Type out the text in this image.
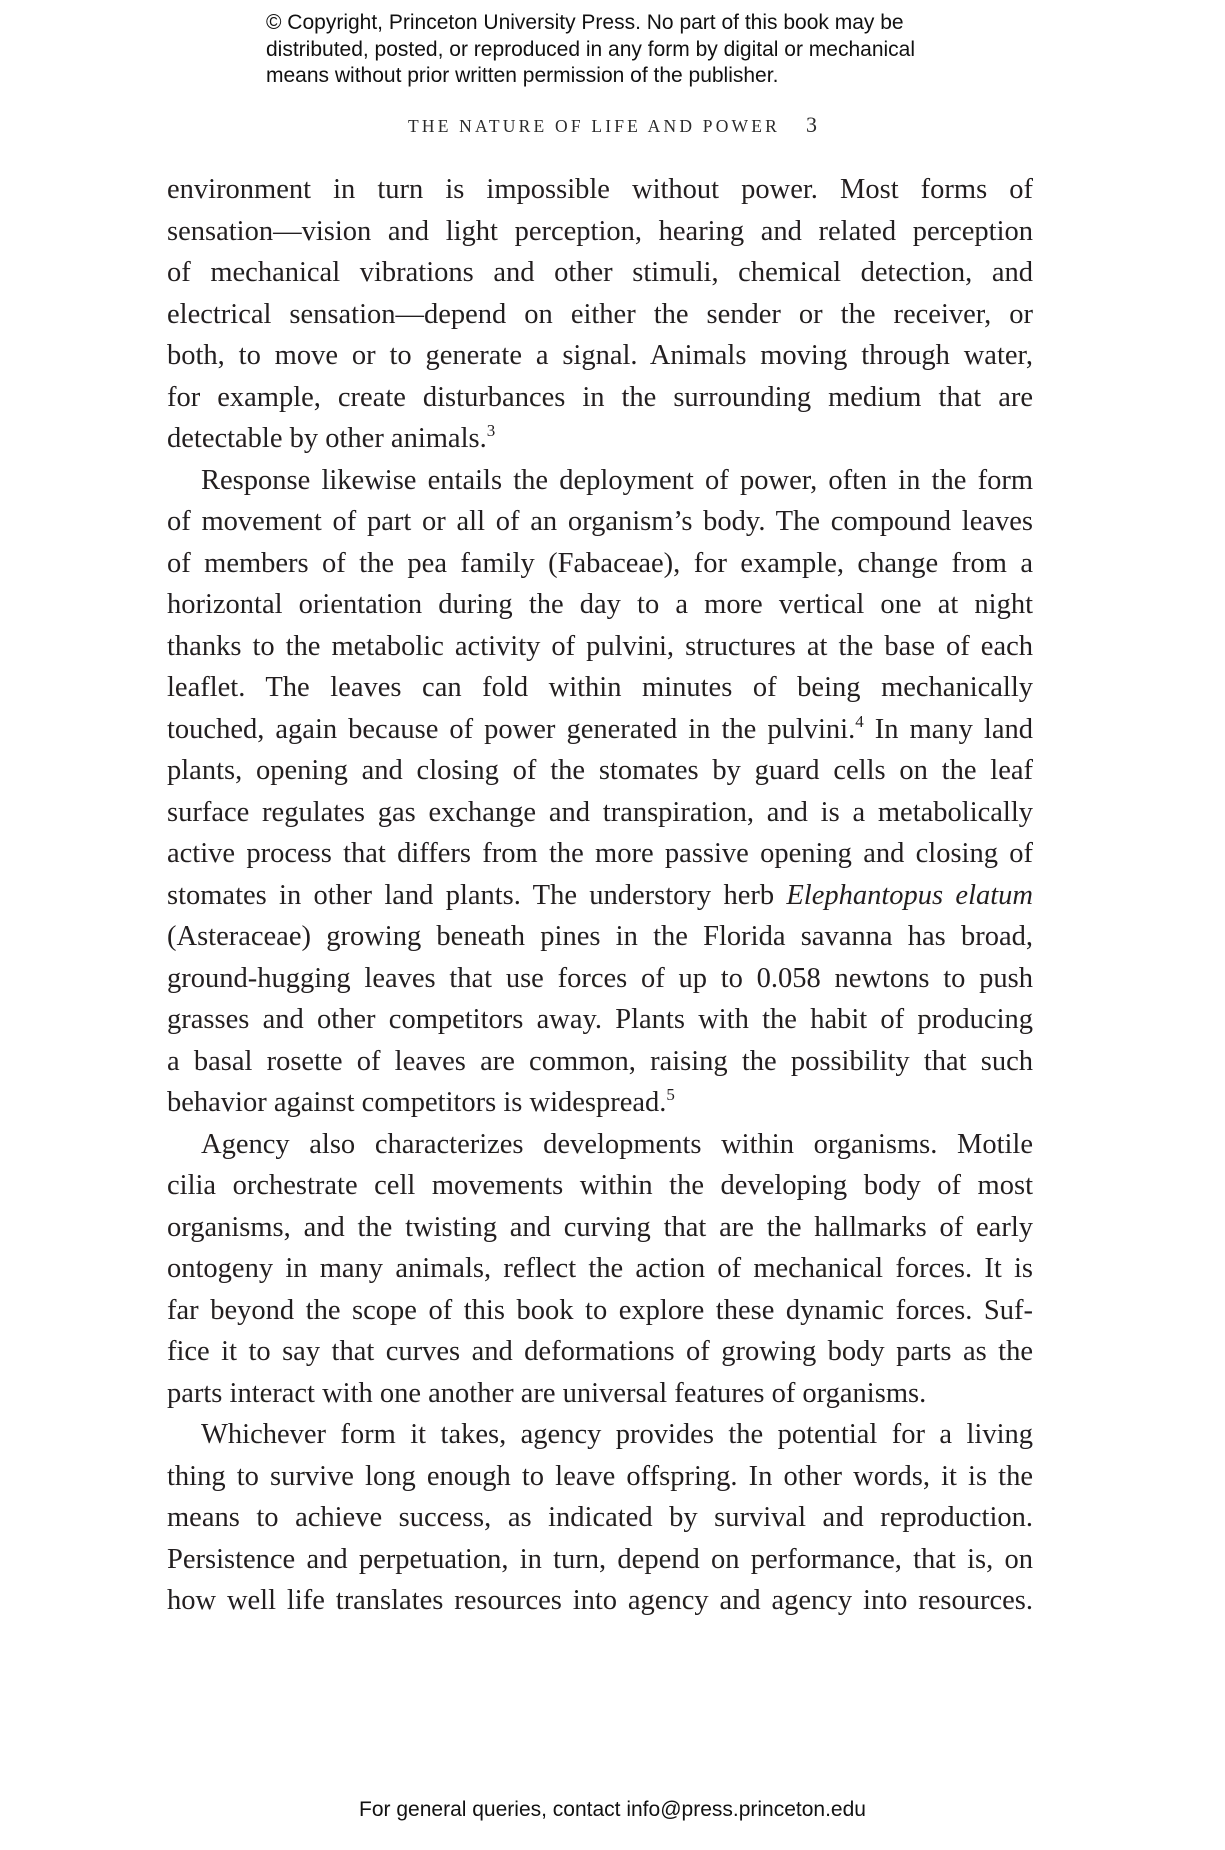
© Copyright, Princeton University Press. No part of this book may be
distributed, posted, or reproduced in any form by digital or mechanical
means without prior written permission of the publisher.
THE NATURE OF LIFE AND POWER 3
environment in turn is impossible without power. Most forms of
sensation—vision and light perception, hearing and related perception
of mechanical vibrations and other stimuli, chemical detection, and
electrical sensation—depend on either the sender or the receiver, or
both, to move or to generate a signal. Animals moving through water,
for example, create disturbances in the surrounding medium that are
detectable by other animals.$^3$
Response likewise entails the deployment of power, often in the form
of movement of part or all of an organism’s body. The compound leaves
of members of the pea family (Fabaceae), for example, change from a
horizontal orientation during the day to a more vertical one at night
thanks to the metabolic activity of pulvini, structures at the base of each
leaflet. The leaves can fold within minutes of being mechanically
touched, again because of power generated in the pulvini.$^4$ In many land
plants, opening and closing of the stomates by guard cells on the leaf
surface regulates gas exchange and transpiration, and is a metabolically
active process that differs from the more passive opening and closing of
stomates in other land plants. The understory herb Elephantopus elatum
(Asteraceae) growing beneath pines in the Florida savanna has broad,
ground-hugging leaves that use forces of up to 0.058 newtons to push
grasses and other competitors away. Plants with the habit of producing
a basal rosette of leaves are common, raising the possibility that such
behavior against competitors is widespread.$^5$
Agency also characterizes developments within organisms. Motile
cilia orchestrate cell movements within the developing body of most
organisms, and the twisting and curving that are the hallmarks of early
ontogeny in many animals, reflect the action of mechanical forces. It is
far beyond the scope of this book to explore these dynamic forces. Suf-
fice it to say that curves and deformations of growing body parts as the
parts interact with one another are universal features of organisms.
Whichever form it takes, agency provides the potential for a living
thing to survive long enough to leave offspring. In other words, it is the
means to achieve success, as indicated by survival and reproduction.
Persistence and perpetuation, in turn, depend on performance, that is, on
how well life translates resources into agency and agency into resources.
For general queries, contact info@press.princeton.edu
